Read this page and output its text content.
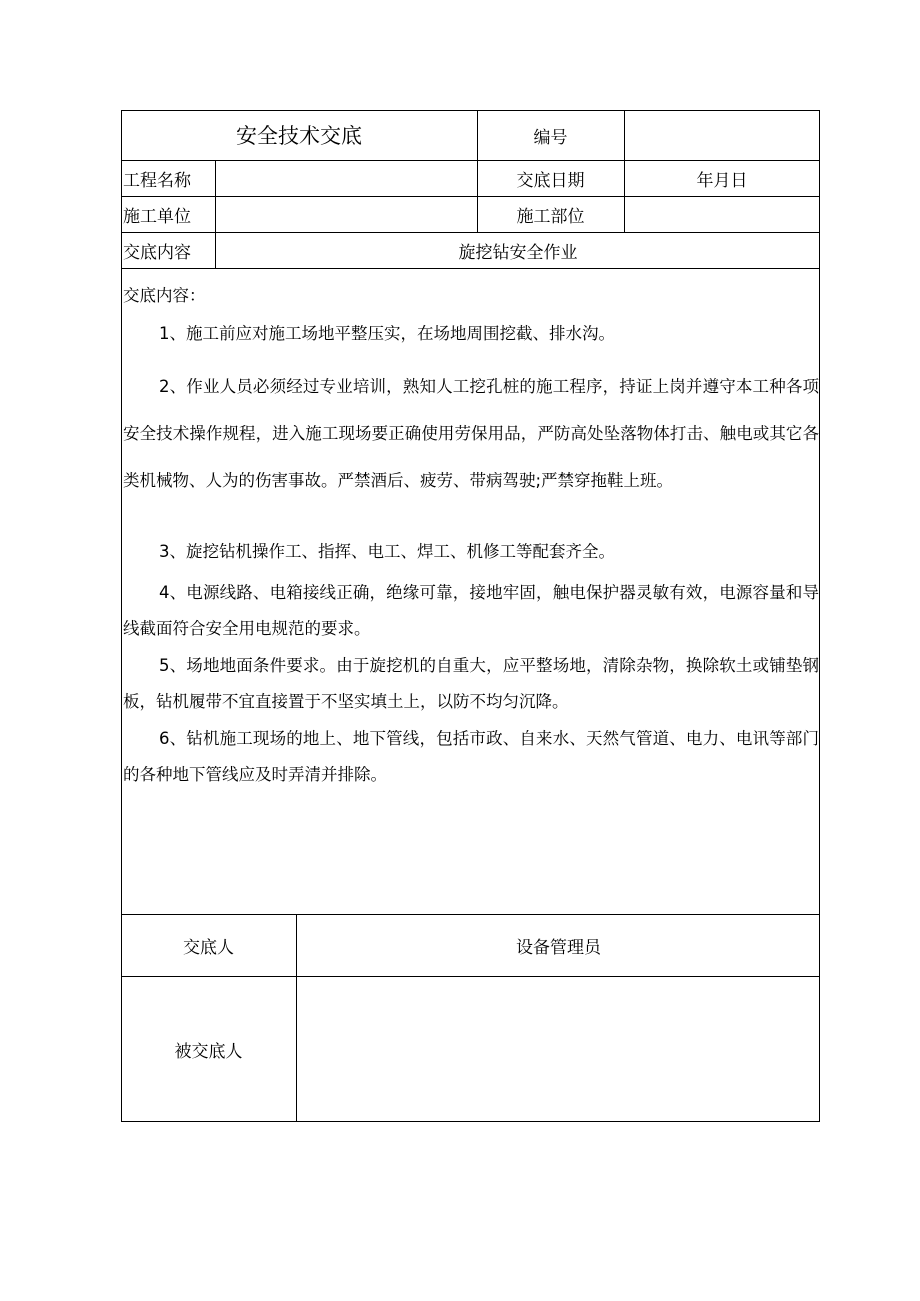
安全技术交底	编号
工程名称	交底日期	年月日
施工单位	施工部位
交底内容	旋挖钻安全作业
交底内容：
1、施工前应对施工场地平整压实，在场地周围挖截、排水沟。
2、作业人员必须经过专业培训，熟知人工挖孔桩的施工程序，持证上岗并遵守本工种各项安全技术操作规程，进入施工现场要正确使用劳保用品，严防高处坠落物体打击、触电或其它各类机械物、人为的伤害事故。严禁酒后、疲劳、带病驾驶;严禁穿拖鞋上班。
3、旋挖钻机操作工、指挥、电工、焊工、机修工等配套齐全。
4、电源线路、电箱接线正确，绝缘可靠，接地牢固，触电保护器灵敏有效，电源容量和导线截面符合安全用电规范的要求。
5、场地地面条件要求。由于旋挖机的自重大，应平整场地，清除杂物，换除软土或铺垫钢板，钻机履带不宜直接置于不坚实填土上，以防不均匀沉降。
6、钻机施工现场的地上、地下管线，包括市政、自来水、天然气管道、电力、电讯等部门的各种地下管线应及时弄清并排除。
交底人	设备管理员
被交底人
